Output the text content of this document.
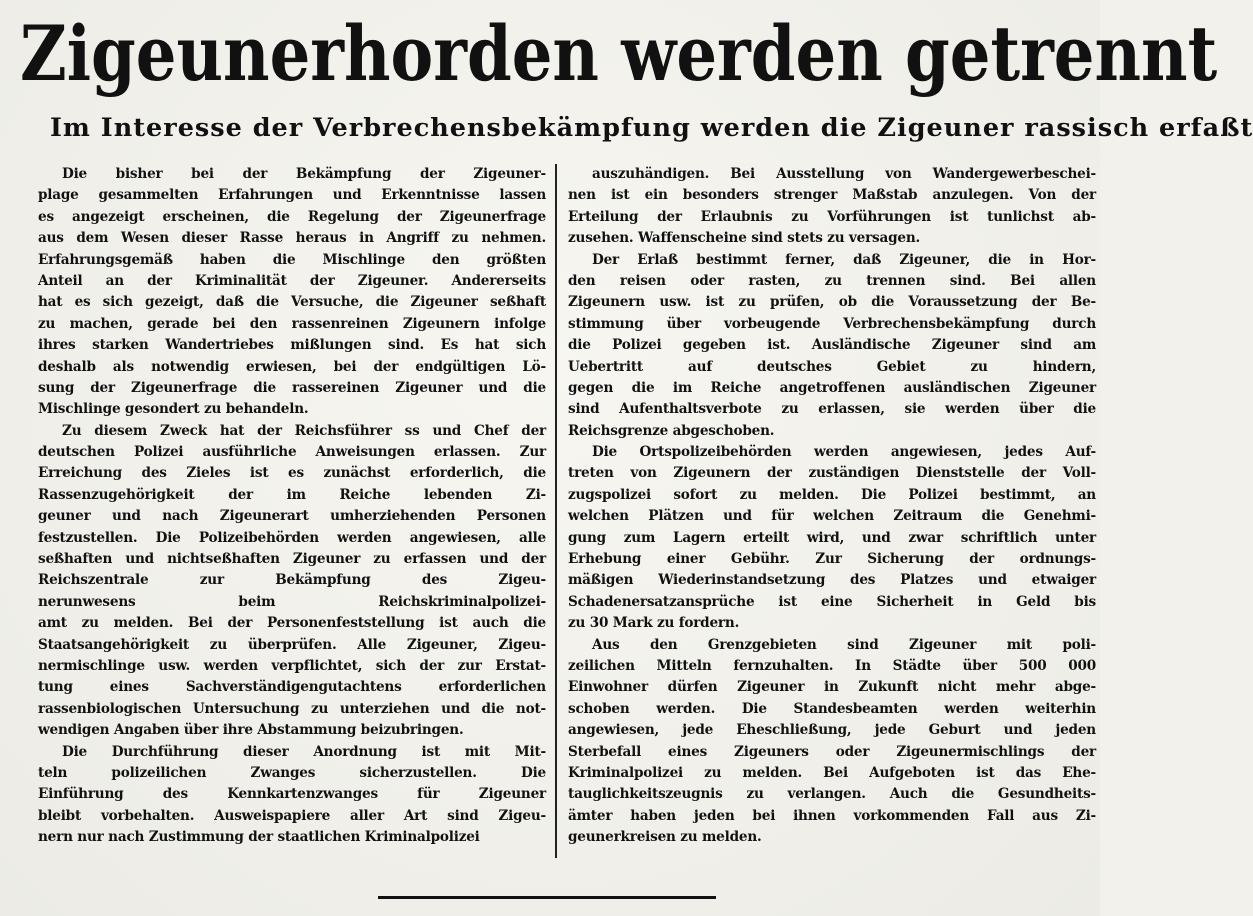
Zigeunerhorden werden getrennt
Im Interesse der Verbrechensbekämpfung werden die Zigeuner rassisch erfaßt
Die bisher bei der Bekämpfung der Zigeuner-
plage gesammelten Erfahrungen und Erkenntnisse lassen
es angezeigt erscheinen, die Regelung der Zigeunerfrage
aus dem Wesen dieser Rasse heraus in Angriff zu nehmen.
Erfahrungsgemäß haben die Mischlinge den größten
Anteil an der Kriminalität der Zigeuner. Andererseits
hat es sich gezeigt, daß die Versuche, die Zigeuner seßhaft
zu machen, gerade bei den rassenreinen Zigeunern infolge
ihres starken Wandertriebes mißlungen sind. Es hat sich
deshalb als notwendig erwiesen, bei der endgültigen Lö-
sung der Zigeunerfrage die rassereinen Zigeuner und die
Mischlinge gesondert zu behandeln.
Zu diesem Zweck hat der Reichsführer ss und Chef der
deutschen Polizei ausführliche Anweisungen erlassen. Zur
Erreichung des Zieles ist es zunächst erforderlich, die
Rassenzugehörigkeit der im Reiche lebenden Zi-
geuner und nach Zigeunerart umherziehenden Personen
festzustellen. Die Polizeibehörden werden angewiesen, alle
seßhaften und nichtseßhaften Zigeuner zu erfassen und der
Reichszentrale zur Bekämpfung des Zigeu-
nerunwesens beim Reichskriminalpolizei-
amt zu melden. Bei der Personenfeststellung ist auch die
Staatsangehörigkeit zu überprüfen. Alle Zigeuner, Zigeu-
nermischlinge usw. werden verpflichtet, sich der zur Erstat-
tung eines Sachverständigengutachtens erforderlichen
rassenbiologischen Untersuchung zu unterziehen und die not-
wendigen Angaben über ihre Abstammung beizubringen.
Die Durchführung dieser Anordnung ist mit Mit-
teln polizeilichen Zwanges sicherzustellen. Die
Einführung des Kennkartenzwanges für Zigeuner
bleibt vorbehalten. Ausweispapiere aller Art sind Zigeu-
nern nur nach Zustimmung der staatlichen Kriminalpolizei
auszuhändigen. Bei Ausstellung von Wandergewerbeschei-
nen ist ein besonders strenger Maßstab anzulegen. Von der
Erteilung der Erlaubnis zu Vorführungen ist tunlichst ab-
zusehen. Waffenscheine sind stets zu versagen.
Der Erlaß bestimmt ferner, daß Zigeuner, die in Hor-
den reisen oder rasten, zu trennen sind. Bei allen
Zigeunern usw. ist zu prüfen, ob die Voraussetzung der Be-
stimmung über vorbeugende Verbrechensbekämpfung durch
die Polizei gegeben ist. Ausländische Zigeuner sind am
Uebertritt auf deutsches Gebiet zu hindern,
gegen die im Reiche angetroffenen ausländischen Zigeuner
sind Aufenthaltsverbote zu erlassen, sie werden über die
Reichsgrenze abgeschoben.
Die Ortspolizeibehörden werden angewiesen, jedes Auf-
treten von Zigeunern der zuständigen Dienststelle der Voll-
zugspolizei sofort zu melden. Die Polizei bestimmt, an
welchen Plätzen und für welchen Zeitraum die Genehmi-
gung zum Lagern erteilt wird, und zwar schriftlich unter
Erhebung einer Gebühr. Zur Sicherung der ordnungs-
mäßigen Wiederinstandsetzung des Platzes und etwaiger
Schadenersatzansprüche ist eine Sicherheit in Geld bis
zu 30 Mark zu fordern.
Aus den Grenzgebieten sind Zigeuner mit poli-
zeilichen Mitteln fernzuhalten. In Städte über 500 000
Einwohner dürfen Zigeuner in Zukunft nicht mehr abge-
schoben werden. Die Standesbeamten werden weiterhin
angewiesen, jede Eheschließung, jede Geburt und jeden
Sterbefall eines Zigeuners oder Zigeunermischlings der
Kriminalpolizei zu melden. Bei Aufgeboten ist das Ehe-
tauglichkeitszeugnis zu verlangen. Auch die Gesundheits-
ämter haben jeden bei ihnen vorkommenden Fall aus Zi-
geunerkreisen zu melden.
